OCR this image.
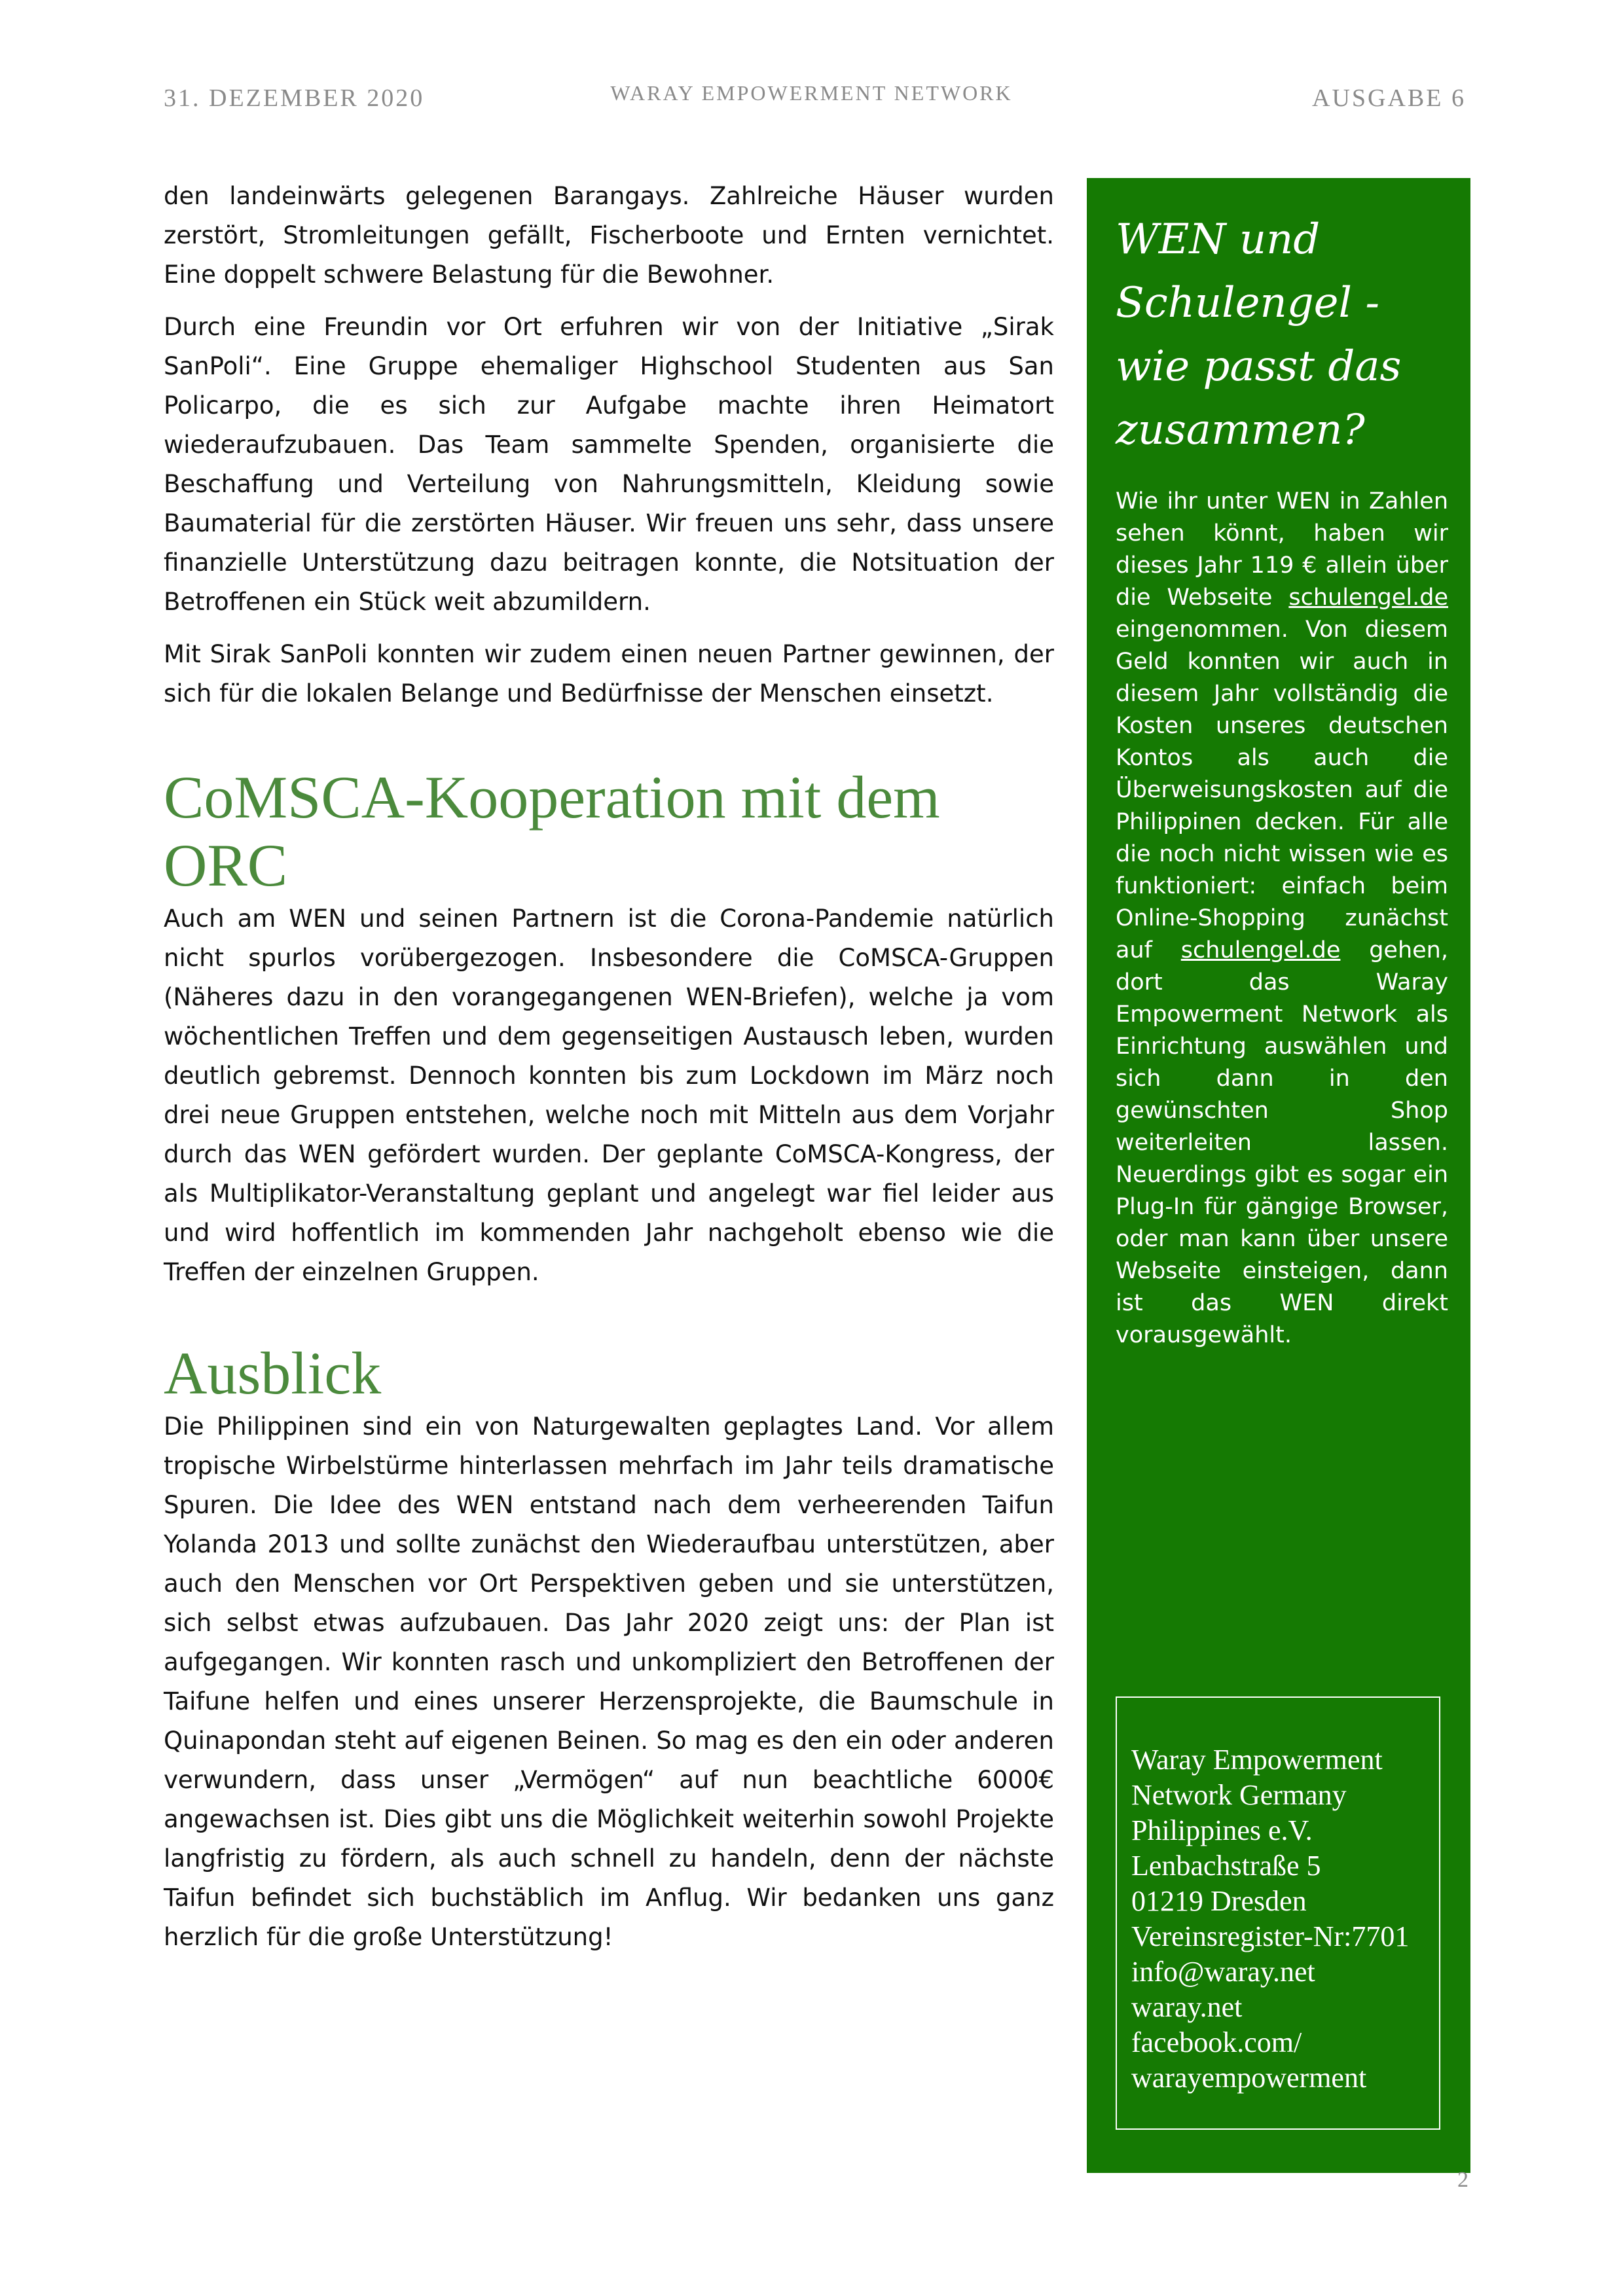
31. DEZEMBER 2020	WARAY EMPOWERMENT NETWORK	AUSGABE 6

den landeinwärts gelegenen Barangays. Zahlreiche Häuser wurden zerstört, Stromleitungen gefällt, Fischerboote und Ernten vernichtet. Eine doppelt schwere Belastung für die Bewohner.

Durch eine Freundin vor Ort erfuhren wir von der Initiative „Sirak SanPoli“. Eine Gruppe ehemaliger Highschool Studenten aus San Policarpo, die es sich zur Aufgabe machte ihren Heimatort wiederaufzubauen. Das Team sammelte Spenden, organisierte die Beschaffung und Verteilung von Nahrungsmitteln, Kleidung sowie Baumaterial für die zerstörten Häuser. Wir freuen uns sehr, dass unsere finanzielle Unterstützung dazu beitragen konnte, die Notsituation der Betroffenen ein Stück weit abzumildern.

Mit Sirak SanPoli konnten wir zudem einen neuen Partner gewinnen, der sich für die lokalen Belange und Bedürfnisse der Menschen einsetzt.

CoMSCA-Kooperation mit dem ORC

Auch am WEN und seinen Partnern ist die Corona-Pandemie natürlich nicht spurlos vorübergezogen. Insbesondere die CoMSCA-Gruppen (Näheres dazu in den vorangegangenen WEN-Briefen), welche ja vom wöchentlichen Treffen und dem gegenseitigen Austausch leben, wurden deutlich gebremst. Dennoch konnten bis zum Lockdown im März noch drei neue Gruppen entstehen, welche noch mit Mitteln aus dem Vorjahr durch das WEN gefördert wurden. Der geplante CoMSCA-Kongress, der als Multiplikator-Veranstaltung geplant und angelegt war fiel leider aus und wird hoffentlich im kommenden Jahr nachgeholt ebenso wie die Treffen der einzelnen Gruppen.

Ausblick

Die Philippinen sind ein von Naturgewalten geplagtes Land. Vor allem tropische Wirbelstürme hinterlassen mehrfach im Jahr teils dramatische Spuren. Die Idee des WEN entstand nach dem verheerenden Taifun Yolanda 2013 und sollte zunächst den Wiederaufbau unterstützen, aber auch den Menschen vor Ort Perspektiven geben und sie unterstützen, sich selbst etwas aufzubauen. Das Jahr 2020 zeigt uns: der Plan ist aufgegangen. Wir konnten rasch und unkompliziert den Betroffenen der Taifune helfen und eines unserer Herzensprojekte, die Baumschule in Quinapondan steht auf eigenen Beinen. So mag es den ein oder anderen verwundern, dass unser „Vermögen“ auf nun beachtliche 6000€ angewachsen ist. Dies gibt uns die Möglichkeit weiterhin sowohl Projekte langfristig zu fördern, als auch schnell zu handeln, denn der nächste Taifun befindet sich buchstäblich im Anflug. Wir bedanken uns ganz herzlich für die große Unterstützung!

WEN und Schulengel - wie passt das zusammen?
Wie ihr unter WEN in Zahlen sehen könnt, haben wir dieses Jahr 119 € allein über die Webseite schulengel.de eingenommen. Von diesem Geld konnten wir auch in diesem Jahr vollständig die Kosten unseres deutschen Kontos als auch die Überweisungskosten auf die Philippinen decken. Für alle die noch nicht wissen wie es funktioniert: einfach beim Online-Shopping zunächst auf schulengel.de gehen, dort das Waray Empowerment Network als Einrichtung auswählen und sich dann in den gewünschten Shop weiterleiten lassen. Neuerdings gibt es sogar ein Plug-In für gängige Browser, oder man kann über unsere Webseite einsteigen, dann ist das WEN direkt vorausgewählt.
Waray Empowerment
Network Germany
Philippines e.V.
Lenbachstraße 5
01219 Dresden
Vereinsregister-Nr:7701
info@waray.net
waray.net
facebook.com/
warayempowerment
2
